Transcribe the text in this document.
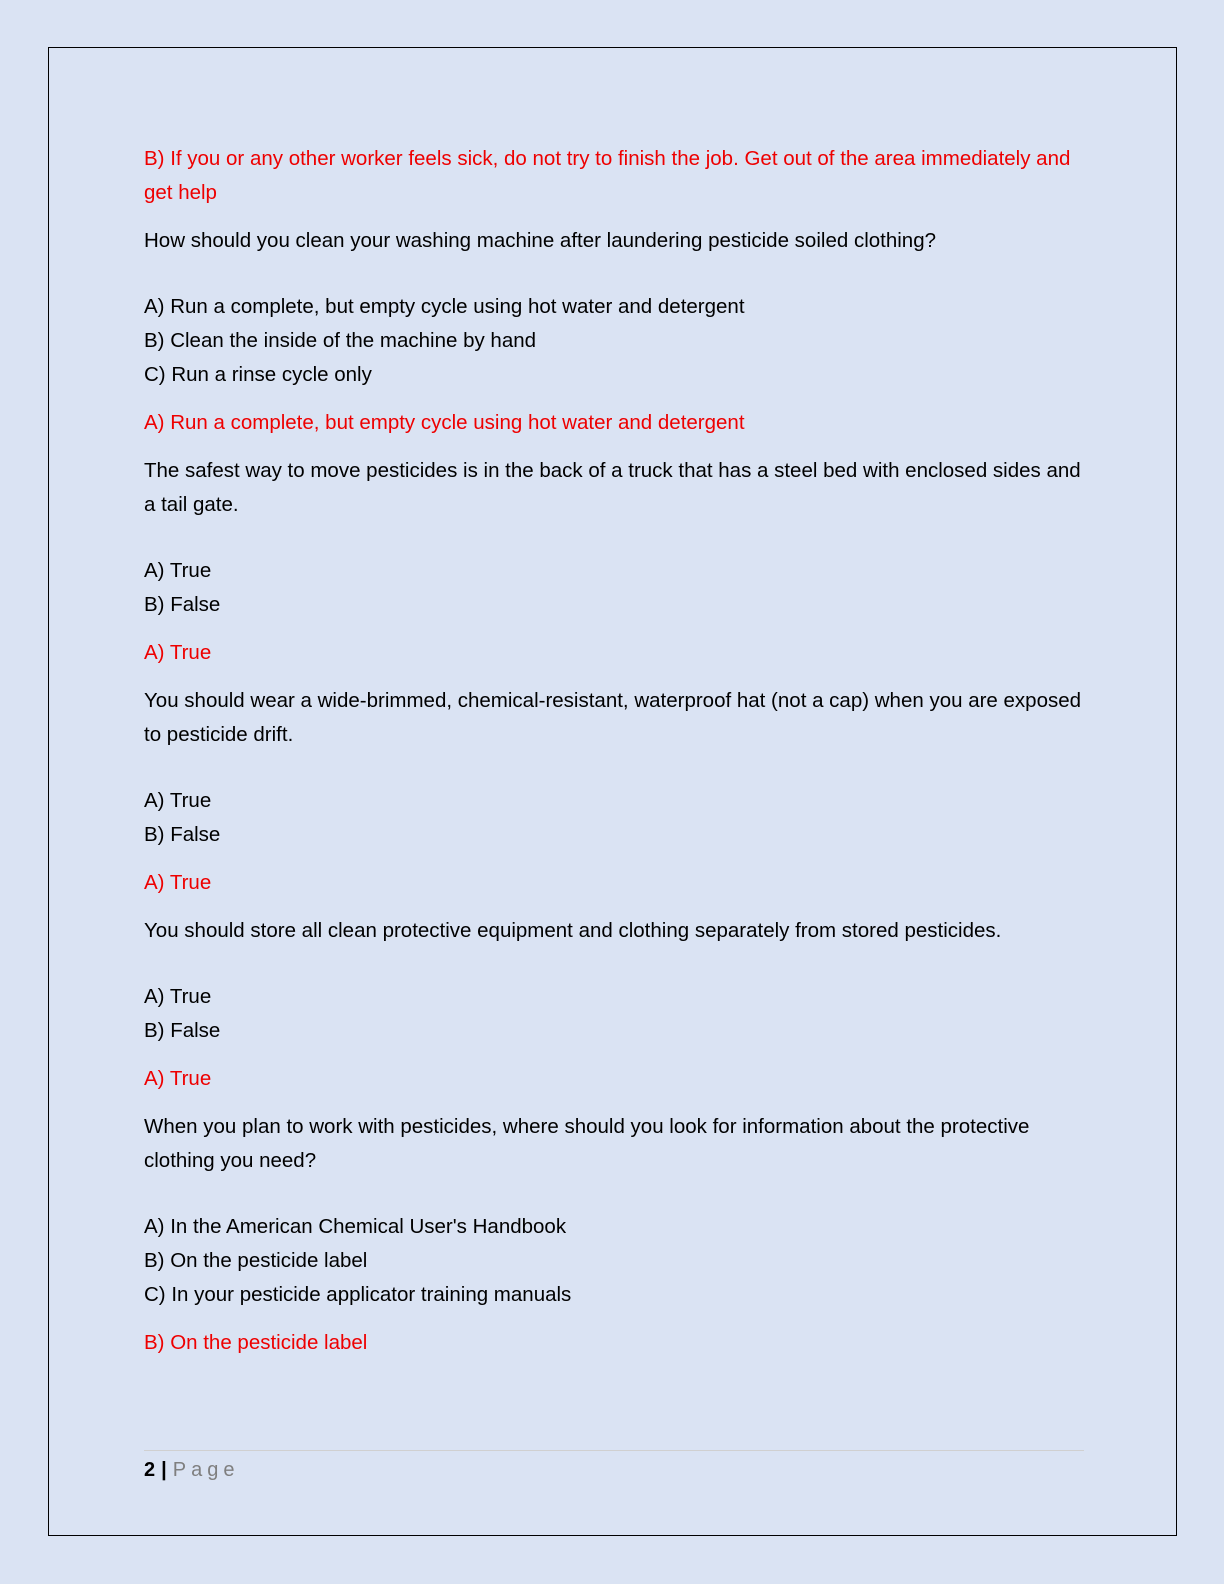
B) If you or any other worker feels sick, do not try to finish the job. Get out of the area immediately and get help

How should you clean your washing machine after laundering pesticide soiled clothing?

A) Run a complete, but empty cycle using hot water and detergent

B) Clean the inside of the machine by hand

C) Run a rinse cycle only

A) Run a complete, but empty cycle using hot water and detergent

The safest way to move pesticides is in the back of a truck that has a steel bed with enclosed sides and a tail gate.

A) True

B) False

A) True

You should wear a wide-brimmed, chemical-resistant, waterproof hat (not a cap) when you are exposed to pesticide drift.

A) True

B) False

A) True

You should store all clean protective equipment and clothing separately from stored pesticides.

A) True

B) False

A) True

When you plan to work with pesticides, where should you look for information about the protective clothing you need?

A) In the American Chemical User's Handbook

B) On the pesticide label

C) In your pesticide applicator training manuals

B) On the pesticide label

2 | Page
